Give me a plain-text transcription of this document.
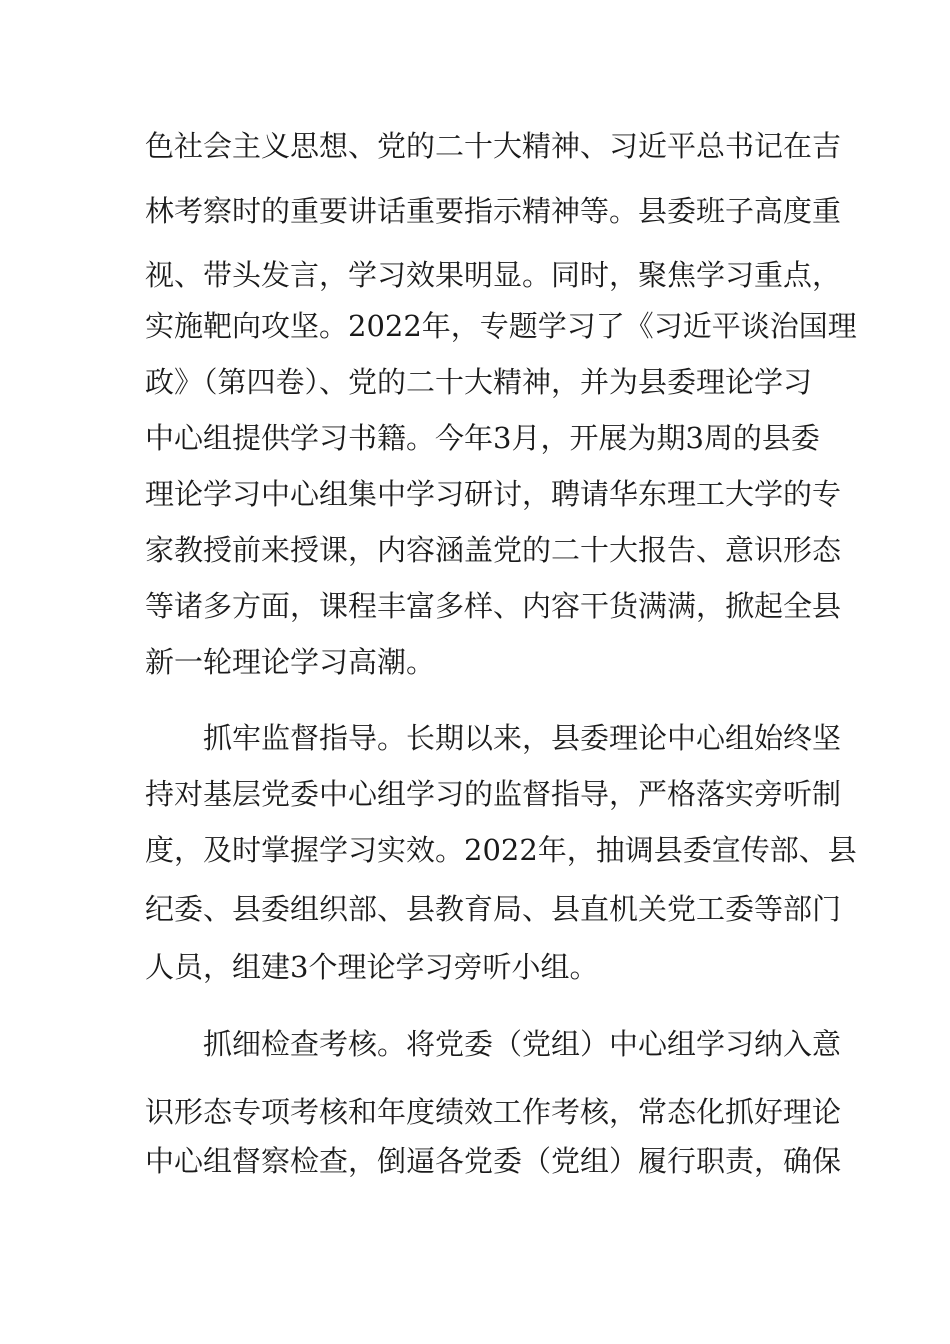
色社会主义思想、党的二十大精神、习近平总书记在吉
林考察时的重要讲话重要指示精神等。县委班子高度重
视、带头发言，学习效果明显。同时，聚焦学习重点，
实施靶向攻坚。2022年，专题学习了《习近平谈治国理
政》（第四卷）、党的二十大精神，并为县委理论学习
中心组提供学习书籍。今年3月，开展为期3周的县委
理论学习中心组集中学习研讨，聘请华东理工大学的专
家教授前来授课，内容涵盖党的二十大报告、意识形态
等诸多方面，课程丰富多样、内容干货满满，掀起全县
新一轮理论学习高潮。
抓牢监督指导。长期以来，县委理论中心组始终坚
持对基层党委中心组学习的监督指导，严格落实旁听制
度，及时掌握学习实效。2022年，抽调县委宣传部、县
纪委、县委组织部、县教育局、县直机关党工委等部门
人员，组建3个理论学习旁听小组。
抓细检查考核。将党委（党组）中心组学习纳入意
识形态专项考核和年度绩效工作考核，常态化抓好理论
中心组督察检查，倒逼各党委（党组）履行职责，确保
